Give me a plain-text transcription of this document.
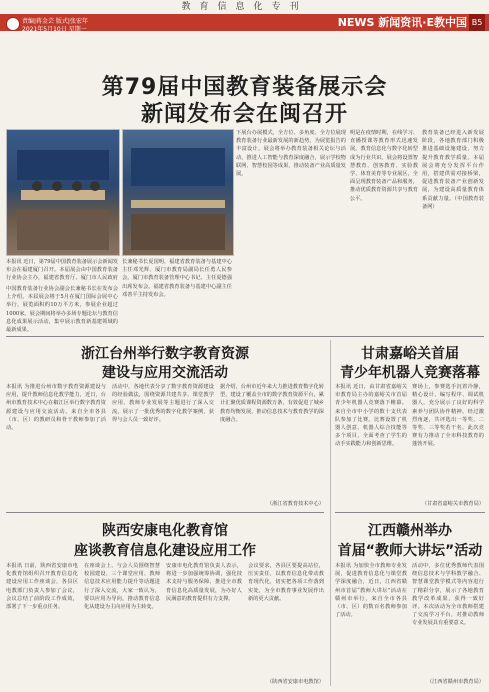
教育信息化专刊
责编|蒋金芸 版式|张宏年
2021年5月10日 星期一
NEWS 新闻资讯·E教中国 B5
第79届中国教育装备展示会
新闻发布会在闽召开
本报讯 近日，第79届中国教育装备展示会新闻发布会在福建厦门召开。本届展会由中国教育装备行业协会主办，福建省教育厅、厦门市人民政府
中国教育装备行业协会副会长兼秘书长在发布会上介绍，本届展会将于5月在厦门国际会展中心举行，展览面积约10万平方米，参展企业超过1000家。展会期间将举办多场专题论坛与教育信息化成果展示活动，集中展示教育新基建领域的最新成果。
长兼秘书长夏国明、福建省教育装备与基建中心主任邓光辉、厦门市教育局副局长任勇人民参会。厦门市教育装备管理中心书记、主任夏德强出席发布会。福建省教育装备与基建中心副主任邓善平主持发布会。
下展台办展模式，全方位、多角度、全方位展现教育装备行业最新发展的新趋势。为展览报告的丰富设计，展会将举办教育装备相关论坛与活动，推进人工智能与教育深度融合，展示学校物联网、智慧校园等成果，推动装备产业高质量发展。
明是在疫情时期，在线学习、直播授课等教育形式迅速发展，教育信息化与数字化转型成为行业共识。展会将设置智慧教育、创客教育、实验教学、体育美育等专业展区，全面呈现教育装备产品和服务，推动优质教育资源共享与教育公平。
教育装备已经进入新发展阶段，各地教育部门积极推进基础设施建设，努力提升教育教学质量。本届展会将充分发挥平台作用，搭建供需对接桥梁，促进教育装备产业创新发展，为建设高质量教育体系贡献力量。（中国教育装备网）
浙江台州举行数字教育资源
建设与应用交流活动
本报讯 为推进台州市数字教育资源建设与应用，提升教师信息化教学能力，近日，台州市教育技术中心在椒江区举行数字教育资源建设与应用交流活动。来自全市各县（市、区）的教研员和骨干教师参加了活动。
活动中，各地代表分享了数字教育资源建设的经验做法，围绕资源共建共享、课堂教学应用、教师专业发展等主题进行了深入交流，展示了一批优秀的数字化教学案例，获得与会人员一致好评。
据介绍，台州市近年来大力推进教育数字化转型，建设了覆盖全市的数字教育资源平台，累计汇聚优质课程资源数万条，有效促进了城乡教育均衡发展，推动信息技术与教育教学的深度融合。
（浙江省教育技术中心）
甘肃嘉峪关首届
青少年机器人竞赛落幕
本报讯 近日，由甘肃省嘉峪关市教育局主办的嘉峪关市首届青少年机器人竞赛落下帷幕。来自全市中小学的数十支代表队参加了比赛。比赛设置了机器人创意、机器人综合技能等多个项目，全面考查了学生的动手实践能力和创新思维。
赛场上，参赛选手沉着冷静，精心设计、编写程序、调试机器人，充分展示了良好的科学素养与团队协作精神。经过激烈角逐，共评选出一等奖、二等奖、三等奖若干名。此次竞赛有力推动了全市科技教育的蓬勃开展。
（甘肃省嘉峪关市教育局）
陕西安康电化教育馆
座谈教育信息化建设应用工作
本报讯 日前，陕西省安康市电化教育馆组织召开教育信息化建设应用工作座谈会，各县区电教部门负责人参加了会议，会议总结了前阶段工作成效，部署了下一步重点任务。
在座谈会上，与会人员围绕智慧校园建设、三个课堂应用、教师信息技术应用能力提升等话题进行了深入交流，大家一致认为，要以应用为导向，推动教育信息化从建设为主向应用为主转变。
安康市电化教育馆负责人表示，将进一步加强统筹协调，强化技术支持与服务保障，推进全市教育信息化高质量发展，为办好人民满意的教育提供有力支撑。
会议要求，各县区要提高站位，压实责任，以教育信息化带动教育现代化，切实把各项工作落到实处，为全市教育事业发展作出新的更大贡献。
（陕西省安康市电教馆）
江西赣州举办
首届“教师大讲坛”活动
本报讯 为加快全市教师专业发展，促进教育信息化与课堂教学深度融合，近日，江西省赣州市首届“教师大讲坛”活动在赣州市举行，来自全市各县（市、区）的数百名教师参加了活动。
活动中，多位优秀教师代表围绕信息技术与学科教学融合、智慧课堂教学模式等内容进行了精彩分享，展示了各地教育教学改革成果，获得一致好评。本次活动为全市教师搭建了交流学习平台，对推动教师专业发展具有重要意义。
（江西省赣州市教育局）
